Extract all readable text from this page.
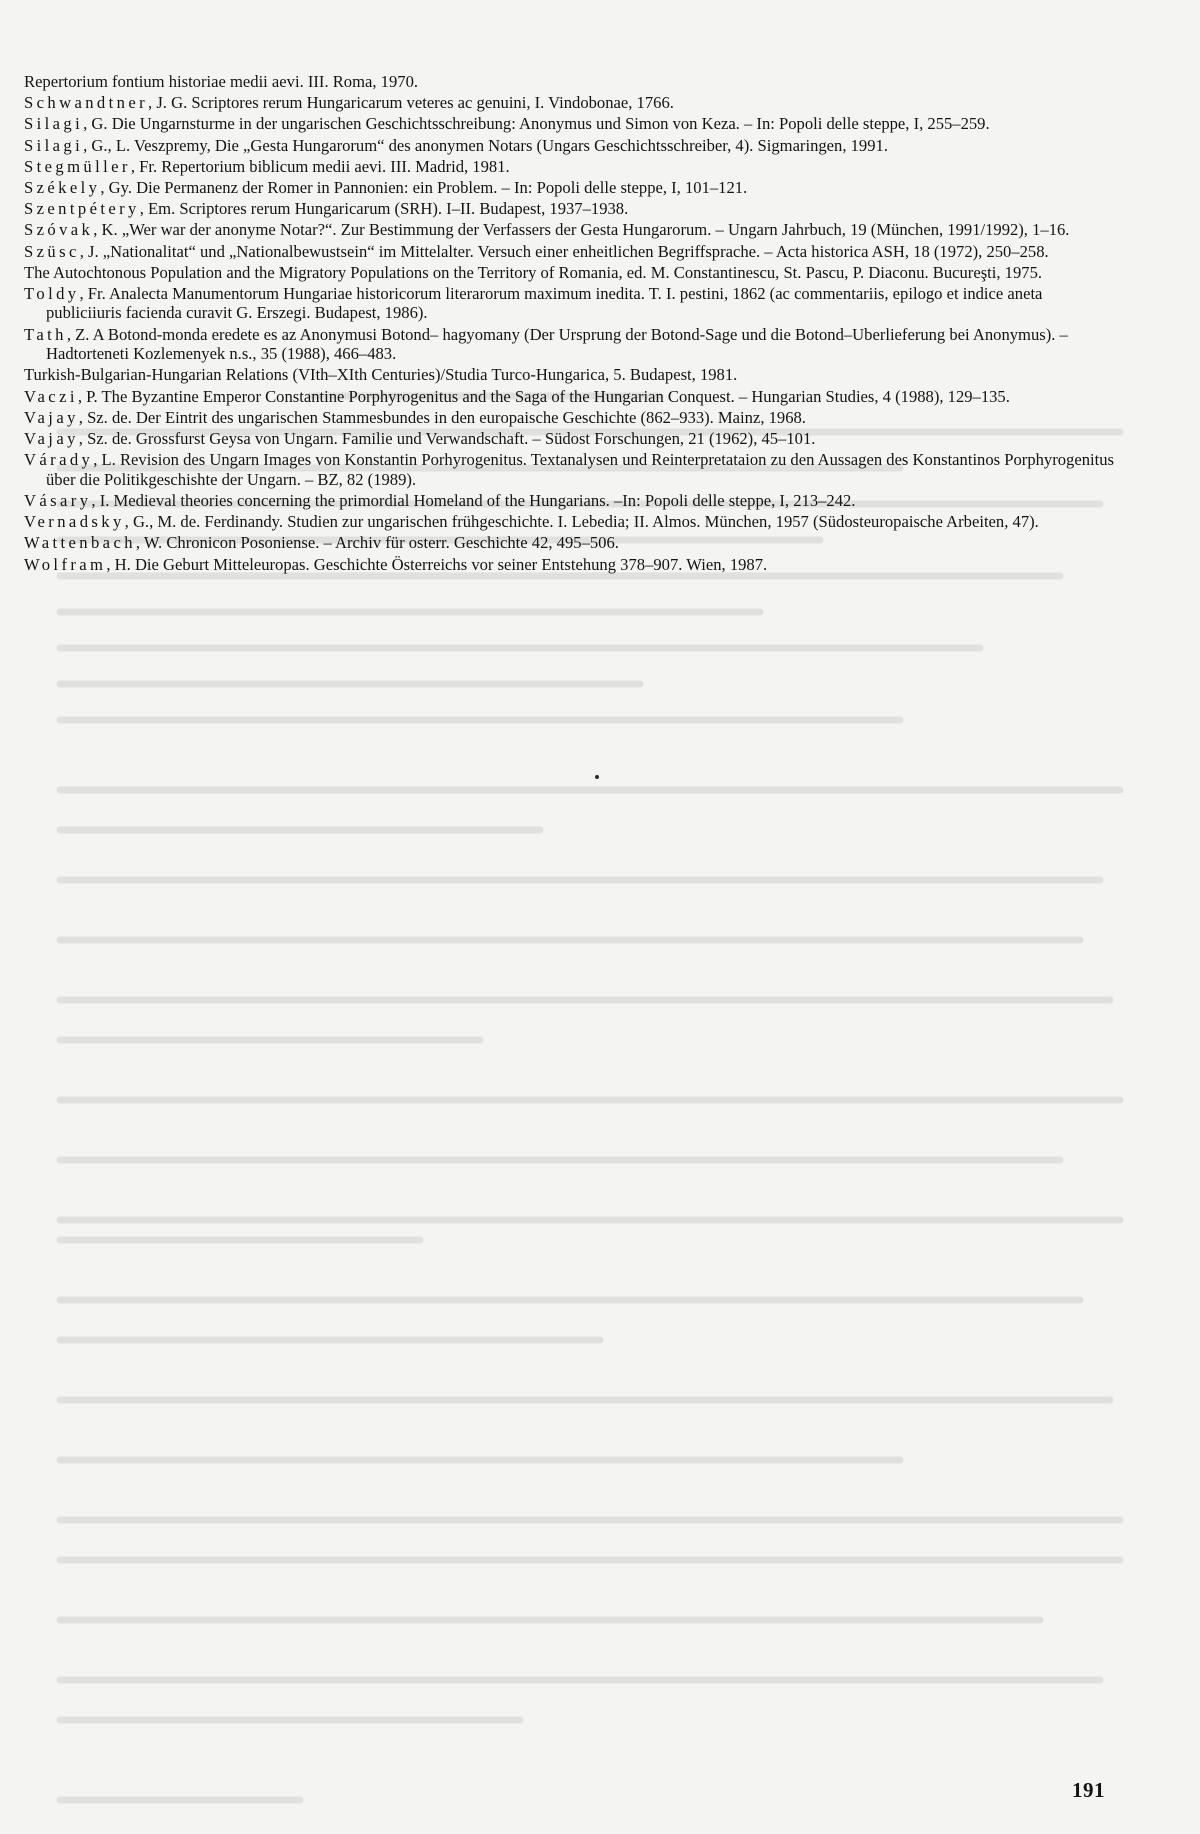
Repertorium fontium historiae medii aevi. III. Roma, 1970.

Schwandtner, J. G. Scriptores rerum Hungaricarum veteres ac genuini, I. Vindobonae, 1766.

Silagi, G. Die Ungarnsturme in der ungarischen Geschichtsschreibung: Anonymus und Simon von Keza. – In: Popoli delle steppe, I, 255–259.

Silagi, G., L. Veszpremy, Die „Gesta Hungarorum“ des anonymen Notars (Ungars Geschichtsschreiber, 4). Sigmaringen, 1991.

Stegmüller, Fr. Repertorium biblicum medii aevi. III. Madrid, 1981.

Székely, Gy. Die Permanenz der Romer in Pannonien: ein Problem. – In: Popoli delle steppe, I, 101–121.

Szentpétery, Em. Scriptores rerum Hungaricarum (SRH). I–II. Budapest, 1937–1938.

Szóvak, K. „Wer war der anonyme Notar?“. Zur Bestimmung der Verfassers der Gesta Hungarorum. – Ungarn Jahrbuch, 19 (München, 1991/1992), 1–16.

Szüsc, J. „Nationalitat“ und „Nationalbewustsein“ im Mittelalter. Versuch einer enheitlichen Begriffsprache. – Acta historica ASH, 18 (1972), 250–258.

The Autochtonous Population and the Migratory Populations on the Territory of Romania, ed. M. Constantinescu, St. Pascu, P. Diaconu. Bucureşti, 1975.

Toldy, Fr. Analecta Manumentorum Hungariae historicorum literarorum maximum inedita. T. I. pestini, 1862 (ac commentariis, epilogo et indice aneta publiciiuris facienda curavit G. Erszegi. Budapest, 1986).

Tath, Z. A Botond-monda eredete es az Anonymusi Botond– hagyomany (Der Ursprung der Botond-Sage und die Botond–Uberlieferung bei Anonymus). – Hadtorteneti Kozlemenyek n.s., 35 (1988), 466–483.

Turkish-Bulgarian-Hungarian Relations (VIth–XIth Centuries)/Studia Turco-Hungarica, 5. Budapest, 1981.

Vaczi, P. The Byzantine Emperor Constantine Porphyrogenitus and the Saga of the Hungarian Conquest. – Hungarian Studies, 4 (1988), 129–135.

Vajay, Sz. de. Der Eintrit des ungarischen Stammesbundes in den europaische Geschichte (862–933). Mainz, 1968.

Vajay, Sz. de. Grossfurst Geysa von Ungarn. Familie und Verwandschaft. – Südost Forschungen, 21 (1962), 45–101.

Várady, L. Revision des Ungarn Images von Konstantin Porhyrogenitus. Textanalysen und Reinterpretataion zu den Aussagen des Konstantinos Porphyrogenitus über die Politikgeschishte der Ungarn. – BZ, 82 (1989).

Vásary, I. Medieval theories concerning the primordial Homeland of the Hungarians. –In: Popoli delle steppe, I, 213–242.

Vernadsky, G., M. de. Ferdinandy. Studien zur ungarischen frühgeschichte. I. Lebedia; II. Almos. München, 1957 (Südosteuropaische Arbeiten, 47).

Wattenbach, W. Chronicon Posoniense. – Archiv für osterr. Geschichte 42, 495–506.

Wolfram, H. Die Geburt Mitteleuropas. Geschichte Österreichs vor seiner Entstehung 378–907. Wien, 1987.

191
